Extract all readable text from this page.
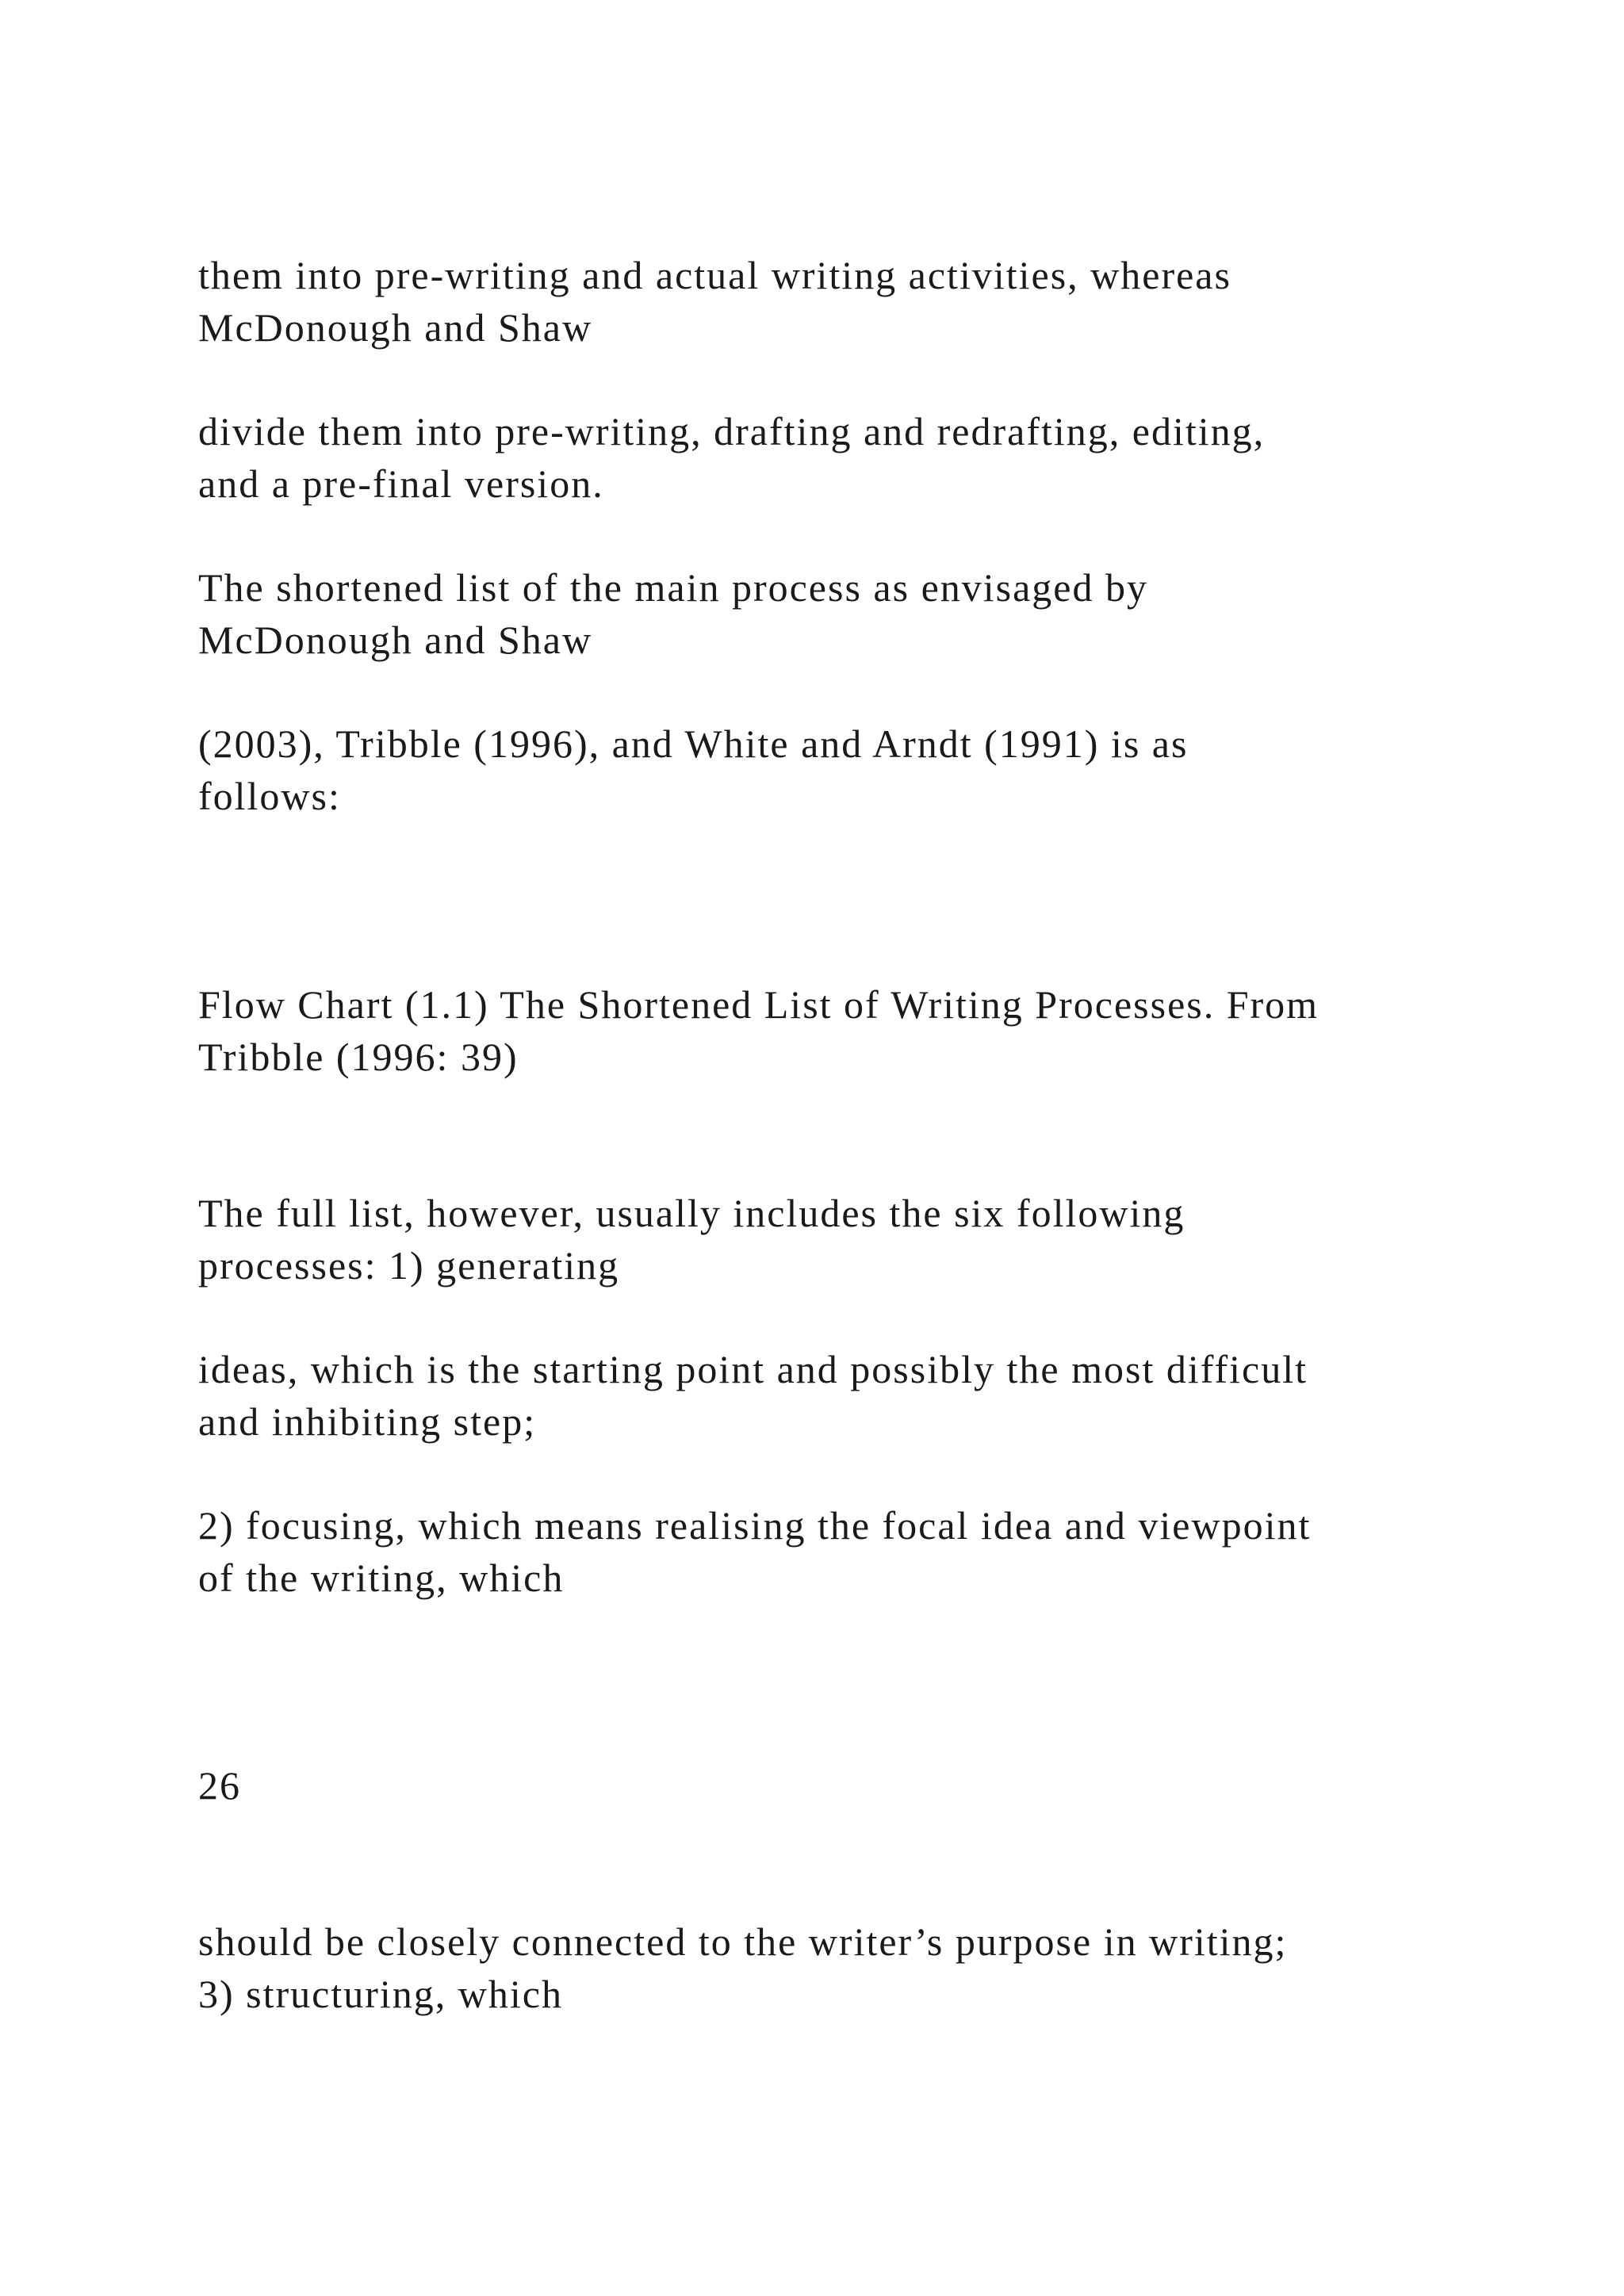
them into pre-writing and actual writing activities, whereas
McDonough and Shaw
divide them into pre-writing, drafting and redrafting, editing,
and a pre-final version.
The shortened list of the main process as envisaged by
McDonough and Shaw
(2003), Tribble (1996), and White and Arndt (1991) is as
follows:
Flow Chart (1.1) The Shortened List of Writing Processes. From
Tribble (1996: 39)
The full list, however, usually includes the six following
processes: 1) generating
ideas, which is the starting point and possibly the most difficult
and inhibiting step;
2) focusing, which means realising the focal idea and viewpoint
of the writing, which
26
should be closely connected to the writer’s purpose in writing;
3) structuring, which
